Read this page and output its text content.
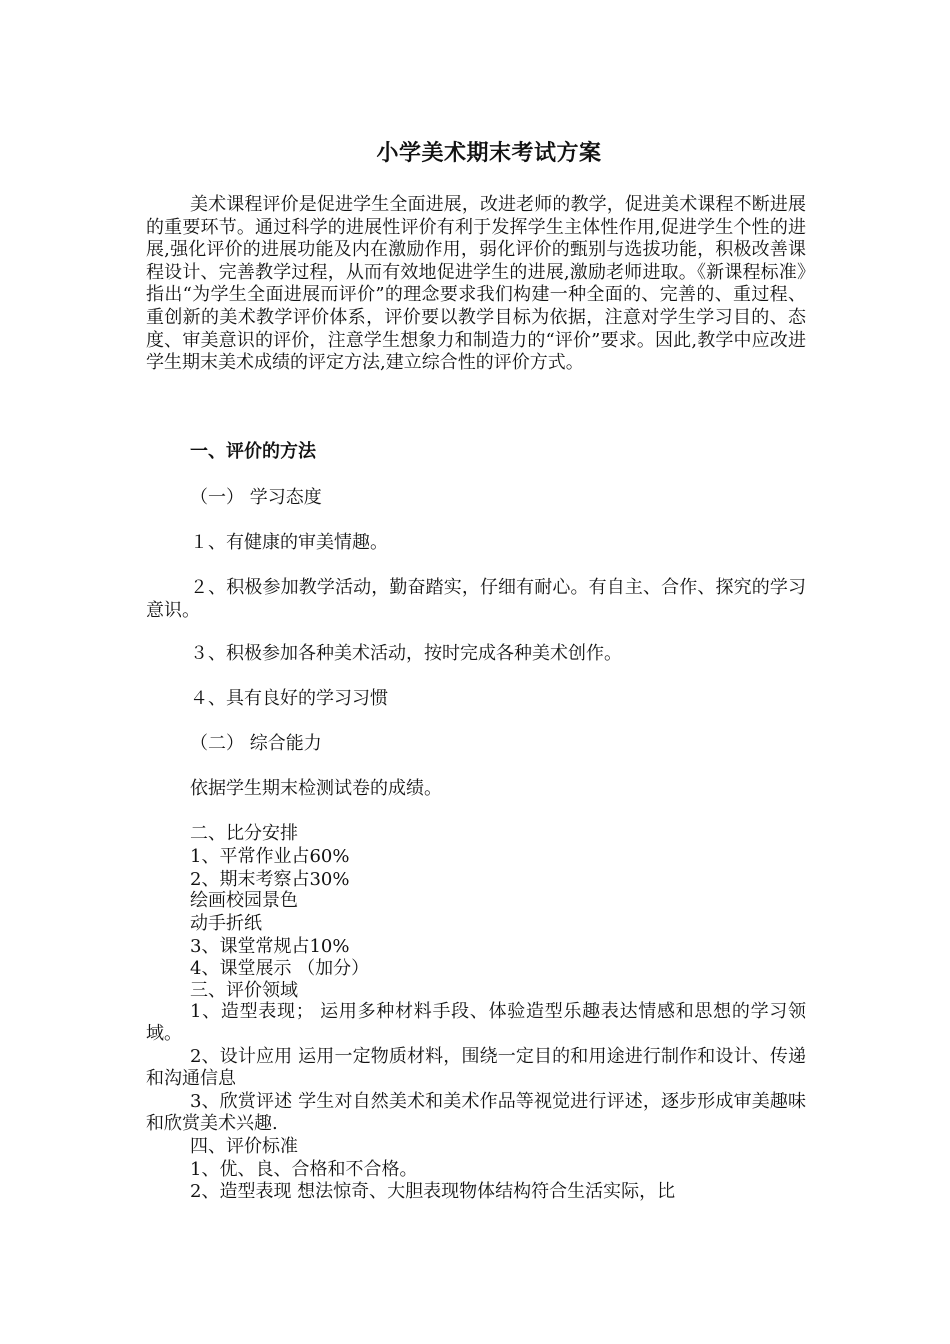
小学美术期末考试方案

美术课程评价是促进学生全面进展，改进老师的教学，促进美术课程不断进展的重要环节。通过科学的进展性评价有利于发挥学生主体性作用,促进学生个性的进展,强化评价的进展功能及内在激励作用，弱化评价的甄别与选拔功能，积极改善课程设计、完善教学过程，从而有效地促进学生的进展,激励老师进取。《新课程标准》指出“为学生全面进展而评价”的理念要求我们构建一种全面的、完善的、重过程、重创新的美术教学评价体系，评价要以教学目标为依据，注意对学生学习目的、态度、审美意识的评价，注意学生想象力和制造力的“评价”要求。因此,教学中应改进学生期末美术成绩的评定方法,建立综合性的评价方式。

一、评价的方法

（一） 学习态度

１、有健康的审美情趣。

２、积极参加教学活动，勤奋踏实，仔细有耐心。有自主、合作、探究的学习意识。

３、积极参加各种美术活动，按时完成各种美术创作。

４、具有良好的学习习惯

（二） 综合能力

依据学生期末检测试卷的成绩。

二、比分安排

1、平常作业占60%

2、期末考察占30%

绘画校园景色

动手折纸

3、课堂常规占10%

4、课堂展示 （加分）

三、评价领域

1、造型表现； 运用多种材料手段、体验造型乐趣表达情感和思想的学习领域。

2、设计应用 运用一定物质材料，围绕一定目的和用途进行制作和设计、传递和沟通信息

3、欣赏评述 学生对自然美术和美术作品等视觉进行评述，逐步形成审美趣味和欣赏美术兴趣.

四、评价标准

1、优、良、合格和不合格。

2、造型表现 想法惊奇、大胆表现物体结构符合生活实际，比
